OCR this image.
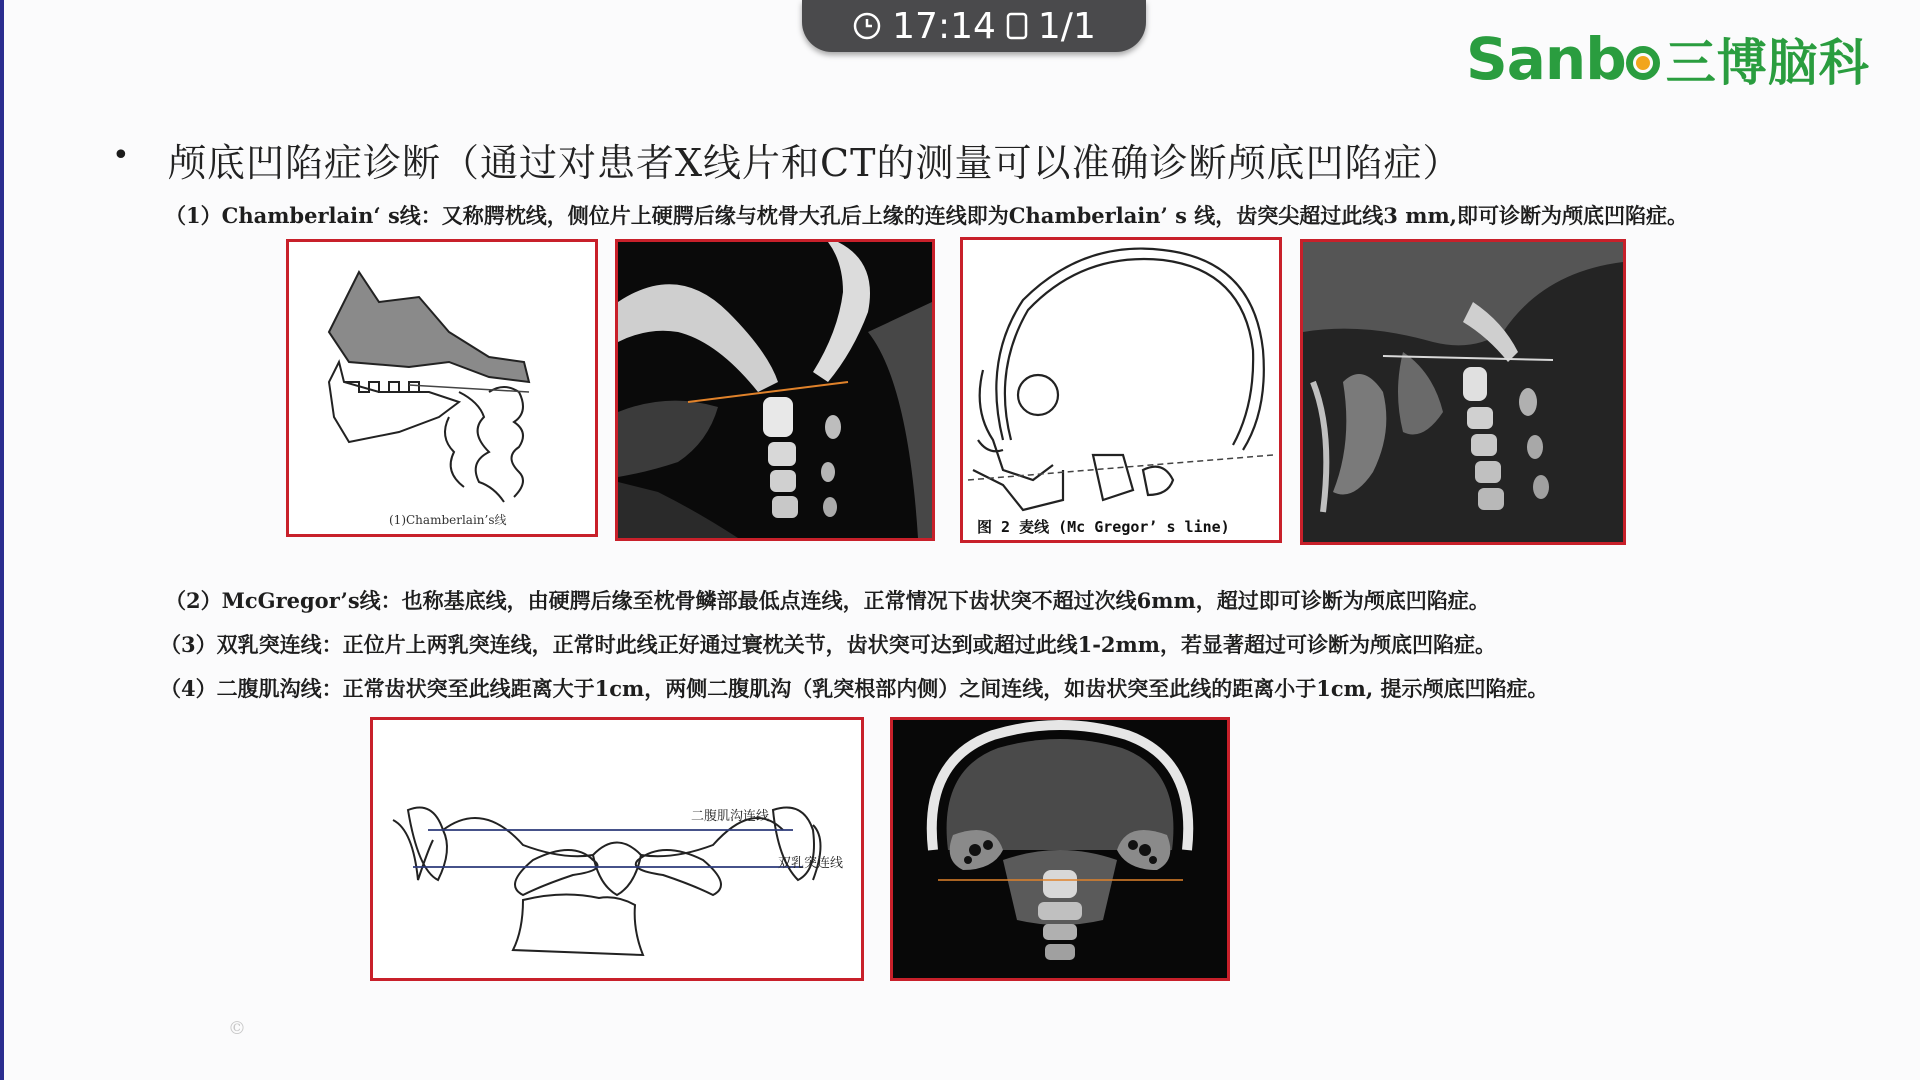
17:14 1/1	Sanb 三博脑科
• 颅底凹陷症诊断（通过对患者X线片和CT的测量可以准确诊断颅底凹陷症）
（1）Chamberlain‘ s线：又称腭枕线，侧位片上硬腭后缘与枕骨大孔后上缘的连线即为Chamberlain’ s 线，齿突尖超过此线3 mm,即可诊断为颅底凹陷症。
（2）McGregor’s线：也称基底线，由硬腭后缘至枕骨鳞部最低点连线，正常情况下齿状突不超过次线6mm，超过即可诊断为颅底凹陷症。
（3）双乳突连线：正位片上两乳突连线，正常时此线正好通过寰枕关节，齿状突可达到或超过此线1-2mm，若显著超过可诊断为颅底凹陷症。
（4）二腹肌沟线：正常齿状突至此线距离大于1cm，两侧二腹肌沟（乳突根部内侧）之间连线，如齿状突至此线的距离小于1cm, 提示颅底凹陷症。
(1)Chamberlain’s线	图 2 麦线 (Mc Gregor’ s line)
二腹肌沟连线
双乳突连线
©
